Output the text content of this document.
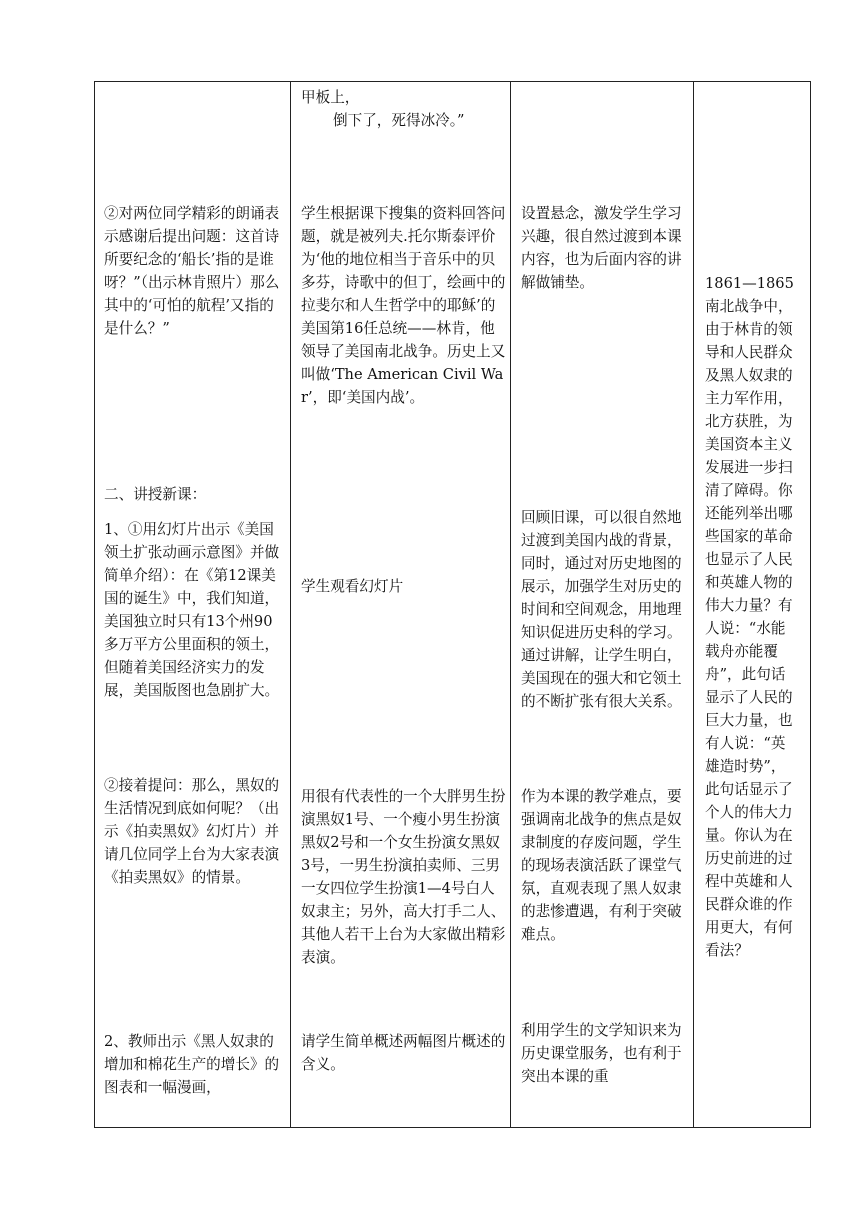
②对两位同学精彩的朗诵表示感谢后提出问题：这首诗所要纪念的‘船长’指的是谁呀？”（出示林肯照片）那么其中的‘可怕的航程’又指的是什么？”

二、讲授新课：

1、①用幻灯片出示《美国领土扩张动画示意图》并做简单介绍）：在《第12课美国的诞生》中，我们知道，美国独立时只有13个州90多万平方公里面积的领土，但随着美国经济实力的发展，美国版图也急剧扩大。

②接着提问：那么，黑奴的生活情况到底如何呢？（出示《拍卖黑奴》幻灯片）并请几位同学上台为大家表演《拍卖黑奴》的情景。

2、教师出示《黑人奴隶的增加和棉花生产的增长》的图表和一幅漫画，

甲板上，

倒下了，死得冰冷。”

学生根据课下搜集的资料回答问题，就是被列夫.托尔斯泰评价为‘他的地位相当于音乐中的贝多芬，诗歌中的但丁，绘画中的拉斐尔和人生哲学中的耶稣’的美国第16任总统——林肯，他领导了美国南北战争。历史上又叫做‘The American Civil War’，即‘美国内战’。

学生观看幻灯片

用很有代表性的一个大胖男生扮演黑奴1号、一个瘦小男生扮演黑奴2号和一个女生扮演女黑奴3号，一男生扮演拍卖师、三男一女四位学生扮演1—4号白人奴隶主；另外，高大打手二人、其他人若干上台为大家做出精彩表演。

请学生简单概述两幅图片概述的含义。

设置悬念，激发学生学习兴趣，很自然过渡到本课内容，也为后面内容的讲解做铺垫。

回顾旧课，可以很自然地过渡到美国内战的背景，同时，通过对历史地图的展示，加强学生对历史的时间和空间观念，用地理知识促进历史科的学习。通过讲解，让学生明白，美国现在的强大和它领土的不断扩张有很大关系。

作为本课的教学难点，要强调南北战争的焦点是奴隶制度的存废问题，学生的现场表演活跃了课堂气氛，直观表现了黑人奴隶的悲惨遭遇，有利于突破难点。

利用学生的文学知识来为历史课堂服务，也有利于突出本课的重

1861—1865南北战争中，由于林肯的领导和人民群众及黑人奴隶的主力军作用，北方获胜，为美国资本主义发展进一步扫清了障碍。你还能列举出哪些国家的革命也显示了人民和英雄人物的伟大力量？有人说：“水能载舟亦能覆舟”，此句话显示了人民的巨大力量，也有人说：“英雄造时势”，此句话显示了个人的伟大力量。你认为在历史前进的过程中英雄和人民群众谁的作用更大，有何看法？
